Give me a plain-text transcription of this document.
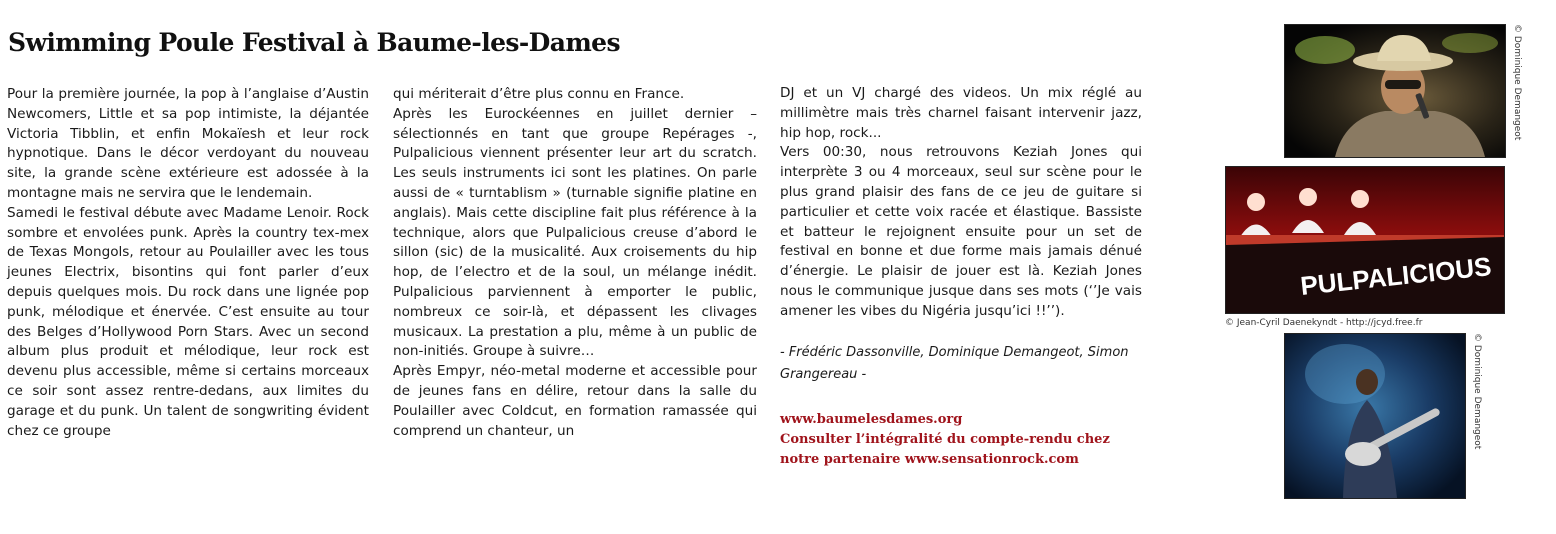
Swimming Poule Festival à Baume-les-Dames

Pour la première journée, la pop à l’anglaise d’Austin Newcomers, Little et sa pop intimiste, la déjantée Victoria Tibblin, et enfin Mokaïesh et leur rock hypnotique. Dans le décor verdoyant du nouveau site, la grande scène extérieure est adossée à la montagne mais ne servira que le lendemain.

Samedi le festival débute avec Madame Lenoir. Rock sombre et envolées punk. Après la country tex-mex de Texas Mongols, retour au Poulailler avec les tous jeunes Electrix, bisontins qui font parler d’eux depuis quelques mois. Du rock dans une lignée pop punk, mélodique et énervée. C’est ensuite au tour des Belges d’Hollywood Porn Stars. Avec un second album plus produit et mélodique, leur rock est devenu plus accessible, même si certains morceaux ce soir sont assez rentre-dedans, aux limites du garage et du punk. Un talent de songwriting évident chez ce groupe

qui mériterait d’être plus connu en France.

Après les Eurockéennes en juillet dernier – sélectionnés en tant que groupe Repérages -, Pulpalicious viennent présenter leur art du scratch. Les seuls instruments ici sont les platines. On parle aussi de « turntablism » (turnable signifie platine en anglais). Mais cette discipline fait plus référence à la technique, alors que Pulpalicious creuse d’abord le sillon (sic) de la musicalité. Aux croisements du hip hop, de l’electro et de la soul, un mélange inédit. Pulpalicious parviennent à emporter le public, nombreux ce soir-là, et dépassent les clivages musicaux. La prestation a plu, même à un public de non-initiés. Groupe à suivre…

Après Empyr, néo-metal moderne et accessible pour de jeunes fans en délire, retour dans la salle du Poulailler avec Coldcut, en formation ramassée qui comprend un chanteur, un

DJ et un VJ chargé des videos. Un mix réglé au millimètre mais très charnel faisant intervenir jazz, hip hop, rock...

Vers 00:30, nous retrouvons Keziah Jones qui interprète 3 ou 4 morceaux, seul sur scène pour le plus grand plaisir des fans de ce jeu de guitare si particulier et cette voix racée et élastique. Bassiste et batteur le rejoignent ensuite pour un set de festival en bonne et due forme mais jamais dénué d’énergie. Le plaisir de jouer est là. Keziah Jones nous le communique jusque dans ses mots (‘’Je vais amener les vibes du Nigéria jusqu’ici !!’’).

- Frédéric Dassonville, Dominique Demangeot, Simon Grangereau -

www.baumelesdames.org
Consulter l’intégralité du compte-rendu chez notre partenaire www.sensationrock.com

© Dominique Demangeot
PULPALICIOUS
© Jean-Cyril Daenekyndt - http://jcyd.free.fr
© Dominique Demangeot
